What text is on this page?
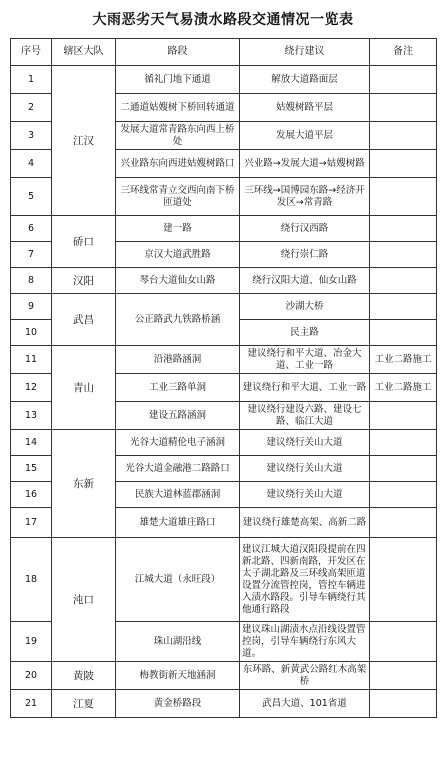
大雨恶劣天气易渍水路段交通情况一览表
序号	辖区大队	路段	绕行建议	备注
1	江汉	循礼门地下通道	解放大道路面层	
2		二通道姑嫂树下桥回转通道	姑嫂树路平层	
3		发展大道常青路东向西上桥处	发展大道平层	
4		兴业路东向西进姑嫂树路口	兴业路→发展大道→姑嫂树路	
5		三环线常青立交西向南下桥匝道处	三环线→国博园东路→经济开发区→常青路	
6	硚口	建一路	绕行汉西路	
7		京汉大道武胜路	绕行崇仁路	
8	汉阳	琴台大道仙女山路	绕行汉阳大道、仙女山路	
9	武昌	公正路武九铁路桥涵	沙湖大桥	
10			民主路	
11	青山	沿港路涵洞	建议绕行和平大道、冶金大道、工业一路	工业二路施工
12		工业三路单洞	建议绕行和平大道、工业一路	工业二路施工
13		建设五路涵洞	建议绕行建设六路、建设七路、临江大道	
14	东新	光谷大道精伦电子涵洞	建议绕行关山大道	
15		光谷大道金融港二路路口	建议绕行关山大道	
16		民族大道林蓝郡涵洞	建议绕行关山大道	
17		雄楚大道雄庄路口	建议绕行雄楚高架、高新二路	
18	沌口	江城大道（永旺段）	建议江城大道汉阳段提前在四新北路、四新南路，开发区在太子湖北路及三环线高架匝道设置分流管控岗，管控车辆进入渍水路段。引导车辆绕行其他通行路段	
19		珠山湖沿线	建议珠山湖渍水点沿线设置管控岗，引导车辆绕行东风大道。	
20	黄陂	梅教街新天地涵洞	东环路、新黄武公路红木高架桥	
21	江夏	黄金桥路段	武昌大道、101省道	
